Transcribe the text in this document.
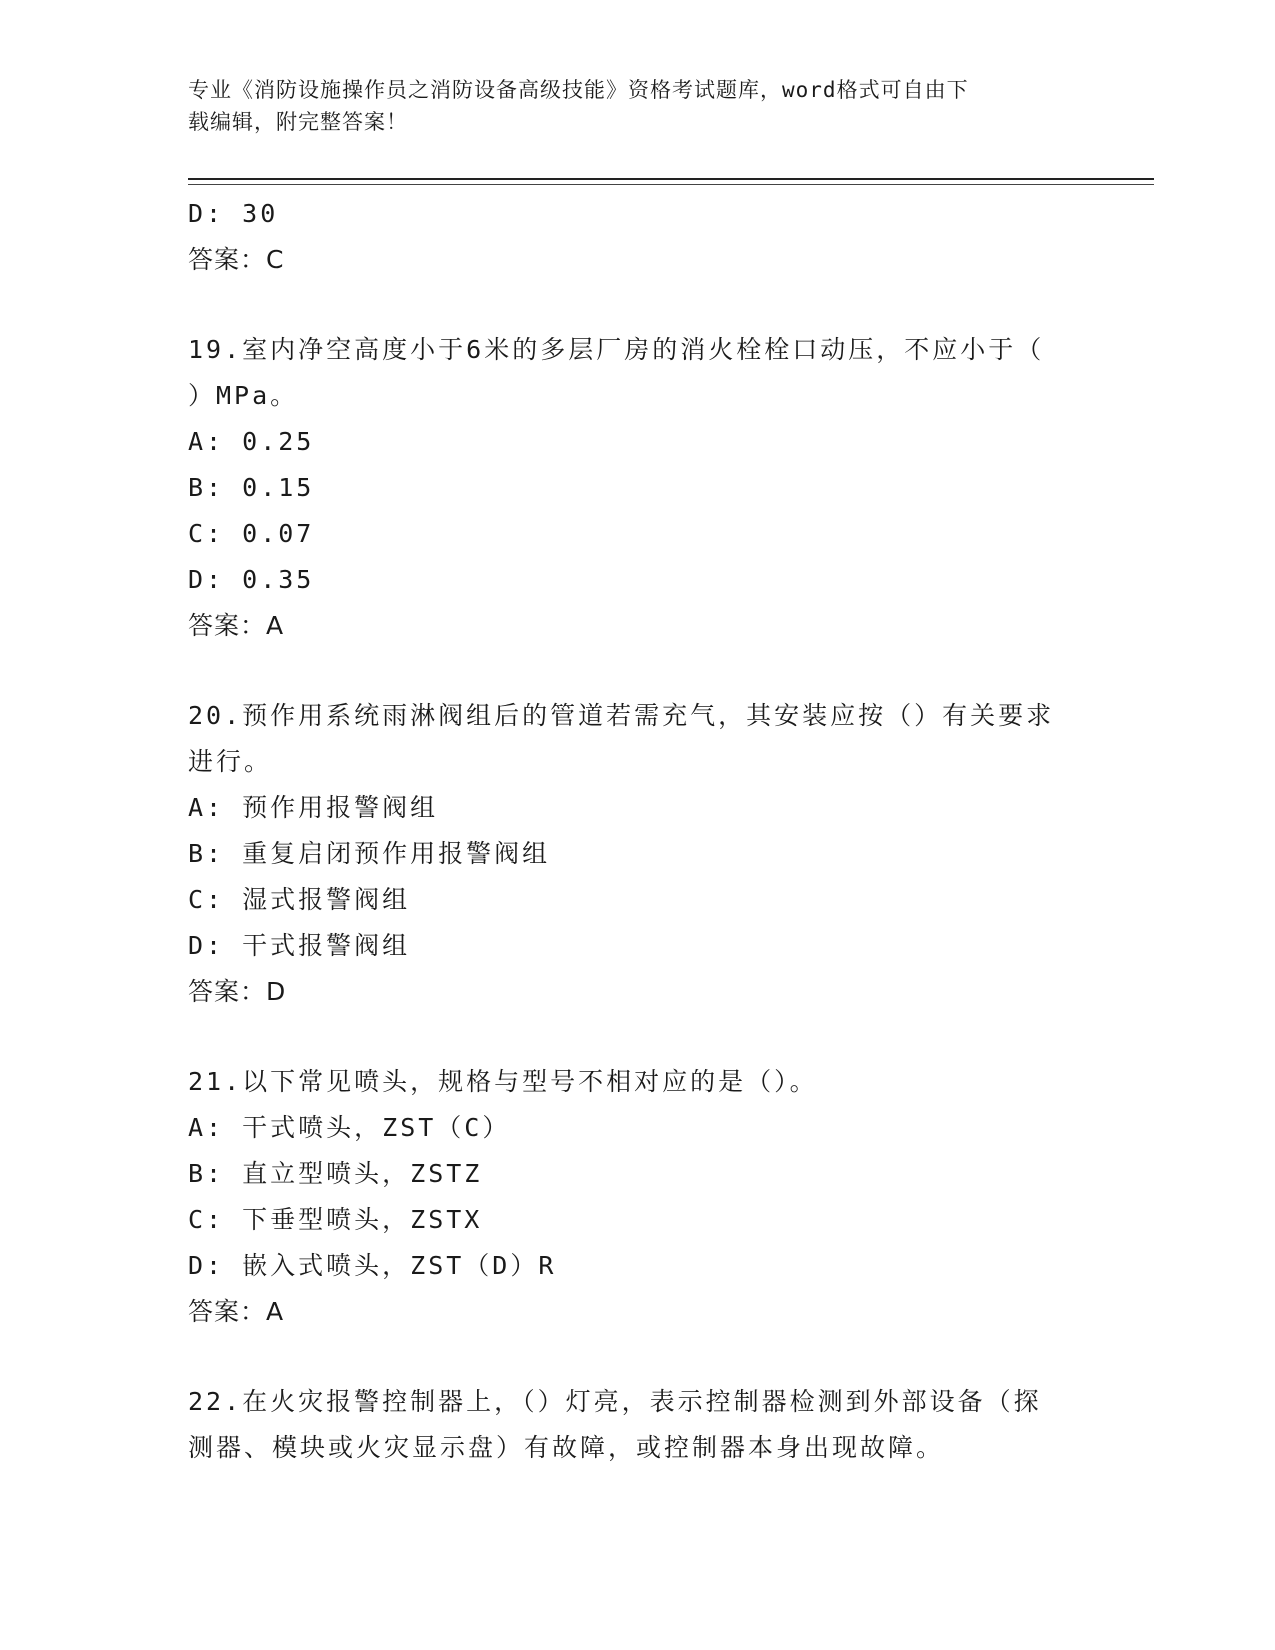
专业《消防设施操作员之消防设备高级技能》资格考试题库，word格式可自由下
载编辑，附完整答案！
D: 30
答案：C
19.室内净空高度小于6米的多层厂房的消火栓栓口动压，不应小于（
）MPa。
A: 0.25
B: 0.15
C: 0.07
D: 0.35
答案：A
20.预作用系统雨淋阀组后的管道若需充气，其安装应按（）有关要求
进行。
A: 预作用报警阀组
B: 重复启闭预作用报警阀组
C: 湿式报警阀组
D: 干式报警阀组
答案：D
21.以下常见喷头，规格与型号不相对应的是（）。
A: 干式喷头，ZST（C）
B: 直立型喷头，ZSTZ
C: 下垂型喷头，ZSTX
D: 嵌入式喷头，ZST（D）R
答案：A
22.在火灾报警控制器上，（）灯亮，表示控制器检测到外部设备（探
测器、模块或火灾显示盘）有故障，或控制器本身出现故障。
